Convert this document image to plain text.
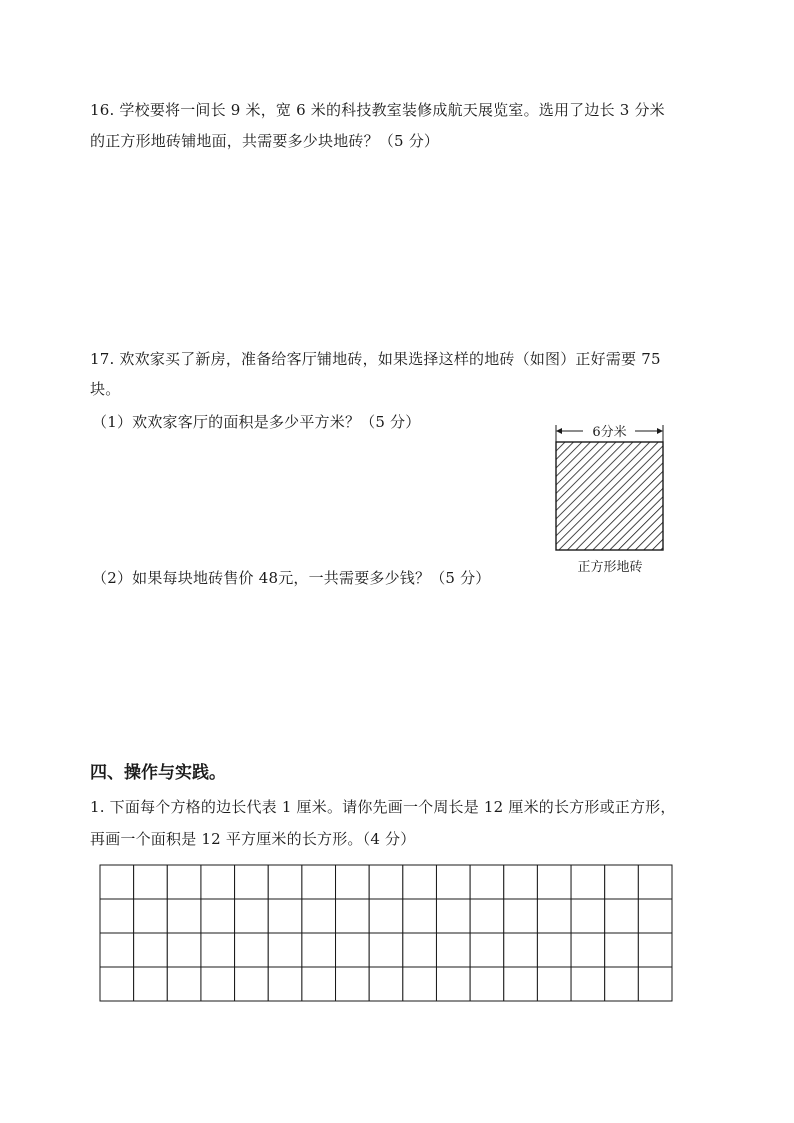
16. 学校要将一间长 9 米，宽 6 米的科技教室装修成航天展览室。选用了边长 3 分米
的正方形地砖铺地面，共需要多少块地砖？（5 分）
17. 欢欢家买了新房，准备给客厅铺地砖，如果选择这样的地砖（如图）正好需要 75
块。
（1）欢欢家客厅的面积是多少平方米？（5 分）
（2）如果每块地砖售价 48元，一共需要多少钱？（5 分）
6分米
正方形地砖
四、操作与实践。
1. 下面每个方格的边长代表 1 厘米。请你先画一个周长是 12 厘米的长方形或正方形，
再画一个面积是 12 平方厘米的长方形。（4 分）
